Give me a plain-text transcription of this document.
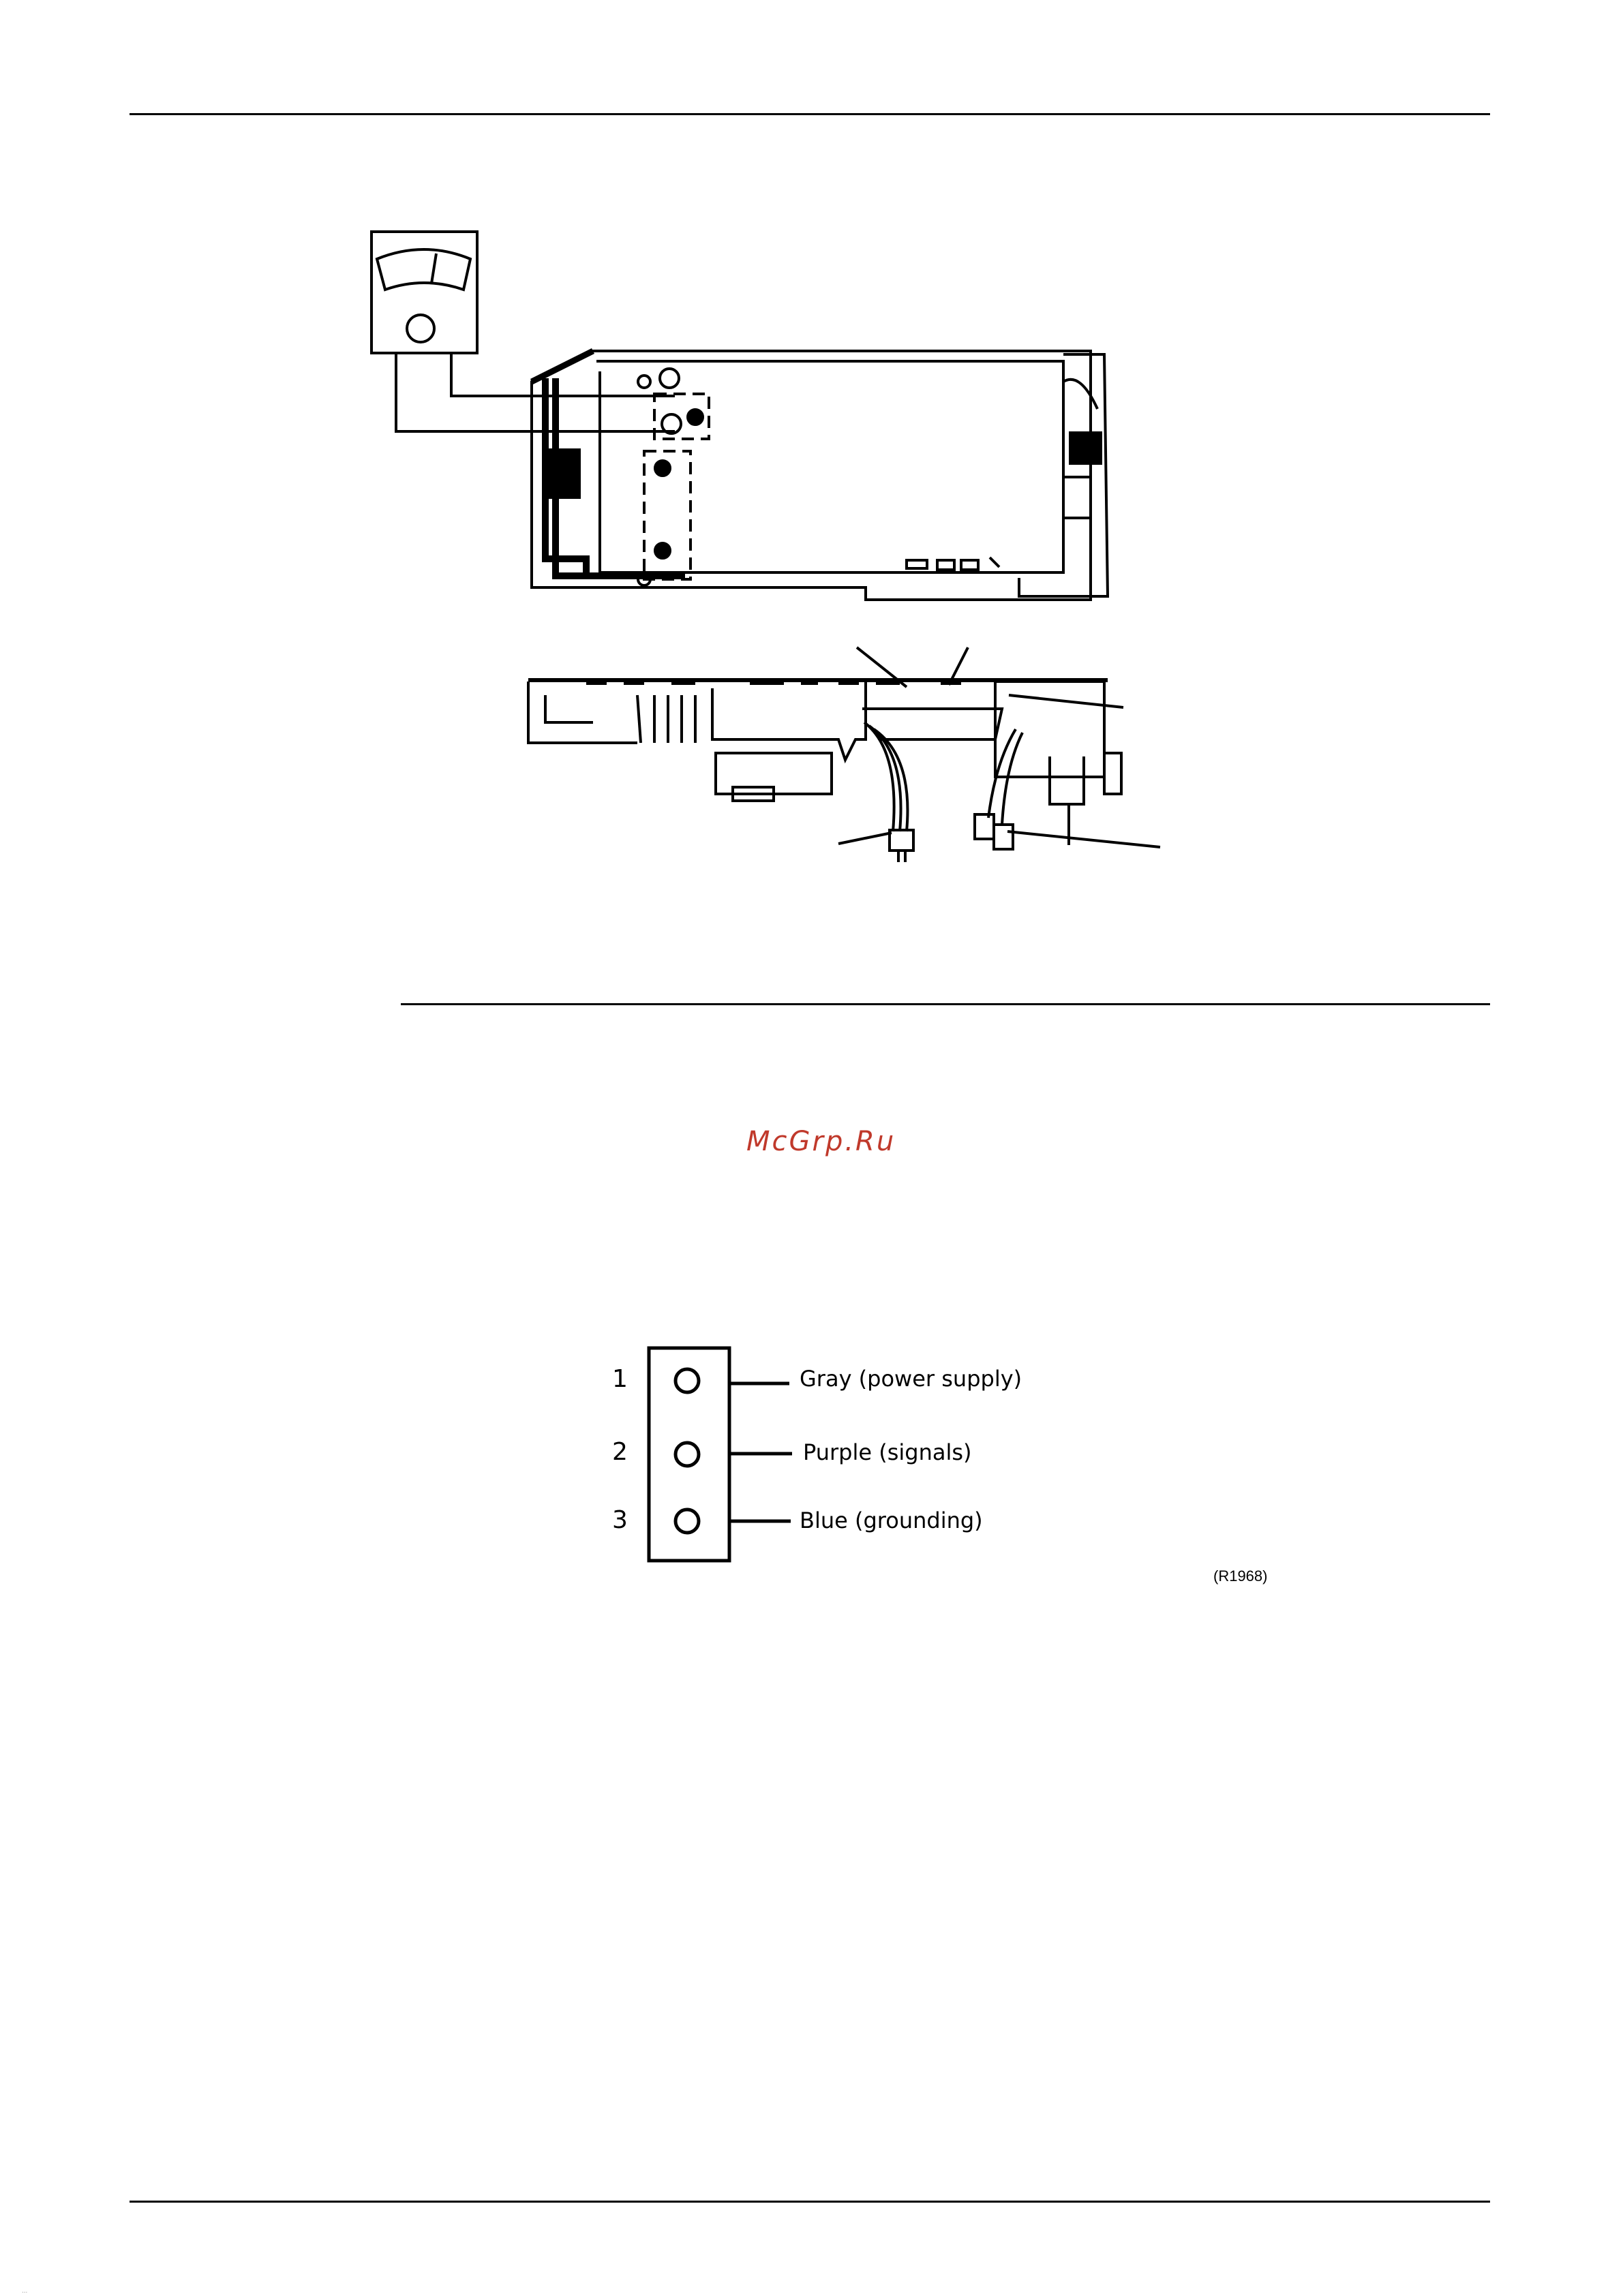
McGrp.Ru
1
2
3
Gray (power supply)
Purple (signals)
Blue (grounding)
(R1968)
...
